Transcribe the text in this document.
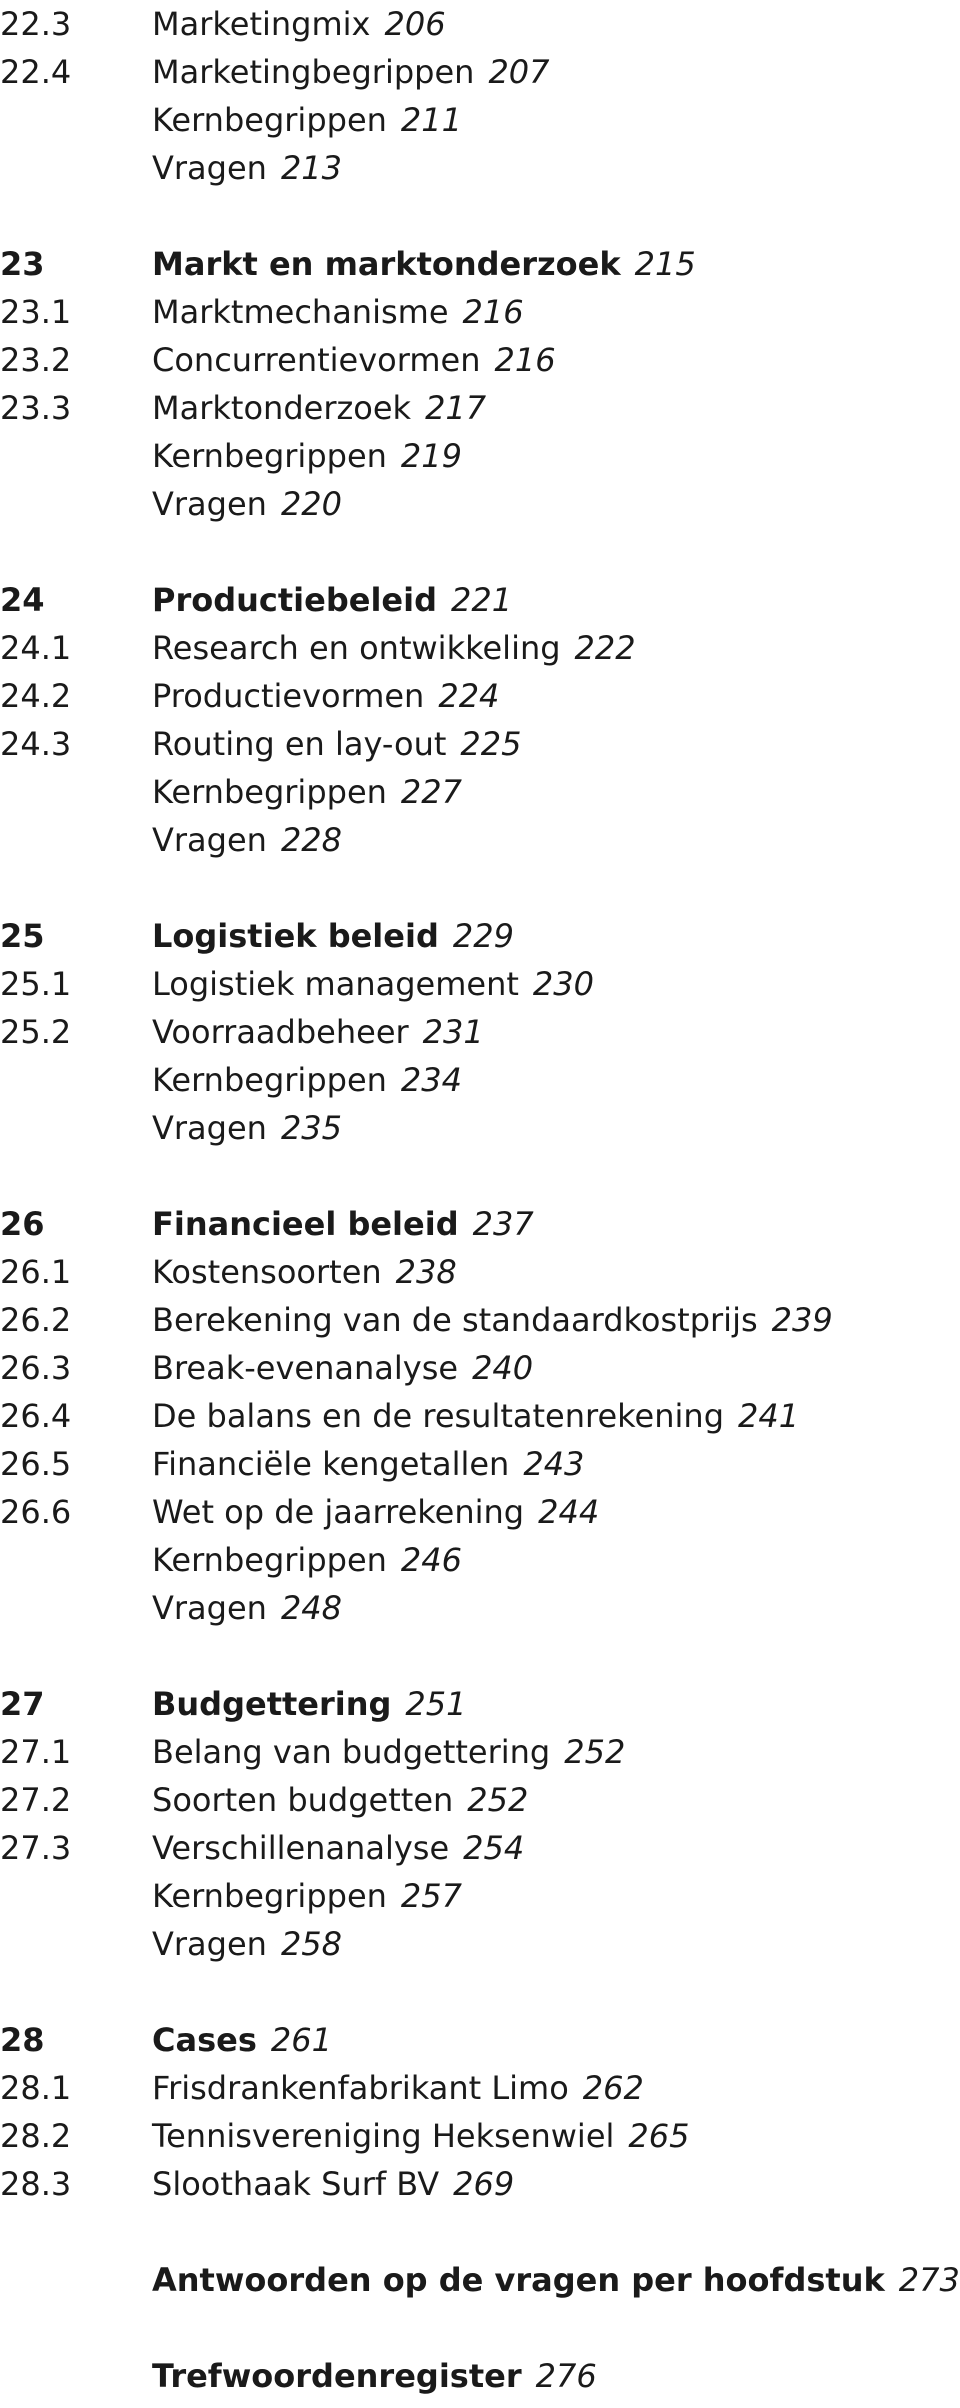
22.3	Marketingmix 206
22.4	Marketingbegrippen 207
Kernbegrippen 211
Vragen 213
23	Markt en marktonderzoek 215
23.1	Marktmechanisme 216
23.2	Concurrentievormen 216
23.3	Marktonderzoek 217
Kernbegrippen 219
Vragen 220
24	Productiebeleid 221
24.1	Research en ontwikkeling 222
24.2	Productievormen 224
24.3	Routing en lay-out 225
Kernbegrippen 227
Vragen 228
25	Logistiek beleid 229
25.1	Logistiek management 230
25.2	Voorraadbeheer 231
Kernbegrippen 234
Vragen 235
26	Financieel beleid 237
26.1	Kostensoorten 238
26.2	Berekening van de standaardkostprijs 239
26.3	Break-evenanalyse 240
26.4	De balans en de resultatenrekening 241
26.5	Financiële kengetallen 243
26.6	Wet op de jaarrekening 244
Kernbegrippen 246
Vragen 248
27	Budgettering 251
27.1	Belang van budgettering 252
27.2	Soorten budgetten 252
27.3	Verschillenanalyse 254
Kernbegrippen 257
Vragen 258
28	Cases 261
28.1	Frisdrankenfabrikant Limo 262
28.2	Tennisvereniging Heksenwiel 265
28.3	Sloothaak Surf BV 269
Antwoorden op de vragen per hoofdstuk 273
Trefwoordenregister 276
